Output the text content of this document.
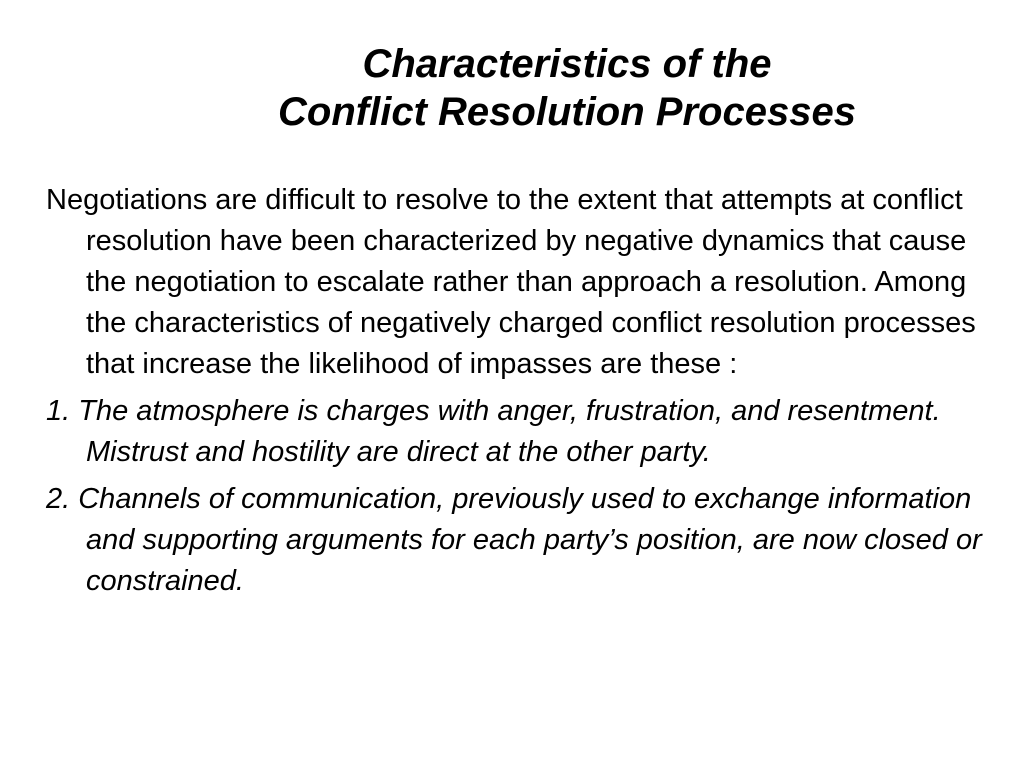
Characteristics of the
Conflict Resolution Processes

Negotiations are difficult to resolve to the extent that attempts at conflict resolution have been characterized by negative dynamics that cause the negotiation to escalate rather than approach a resolution. Among the characteristics of negatively charged conflict resolution processes that increase the likelihood of impasses are these :

1. The atmosphere is charges with anger, frustration, and resentment. Mistrust and hostility are direct at the other party.

2. Channels of communication, previously used to exchange information and supporting arguments for each party’s position, are now closed or constrained.
